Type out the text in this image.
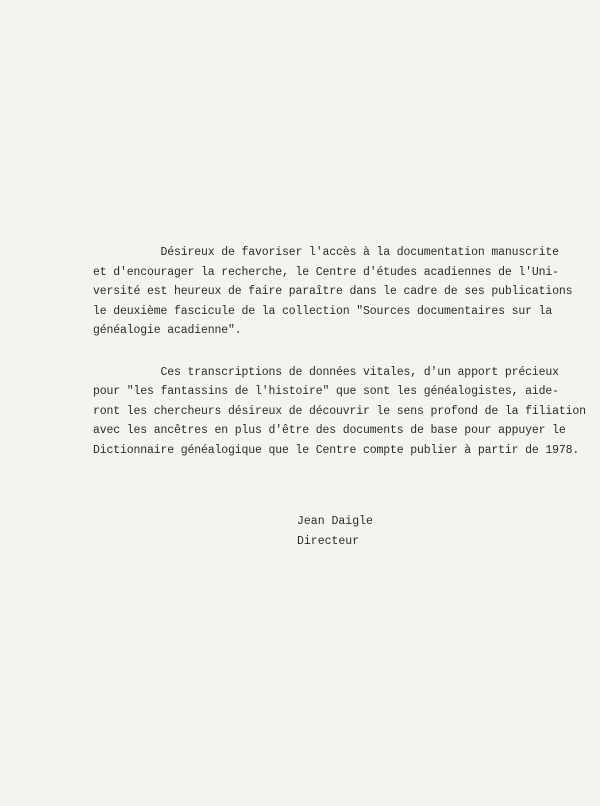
Désireux de favoriser l'accès à la documentation manuscrite
et d'encourager la recherche, le Centre d'études acadiennes de l'Uni-
versité est heureux de faire paraître dans le cadre de ses publications
le deuxième fascicule de la collection "Sources documentaires sur la
généalogie acadienne".
Ces transcriptions de données vitales, d'un apport précieux
pour "les fantassins de l'histoire" que sont les généalogistes, aide-
ront les chercheurs désireux de découvrir le sens profond de la filiation
avec les ancêtres en plus d'être des documents de base pour appuyer le
Dictionnaire généalogique que le Centre compte publier à partir de 1978.
Jean Daigle
Directeur
